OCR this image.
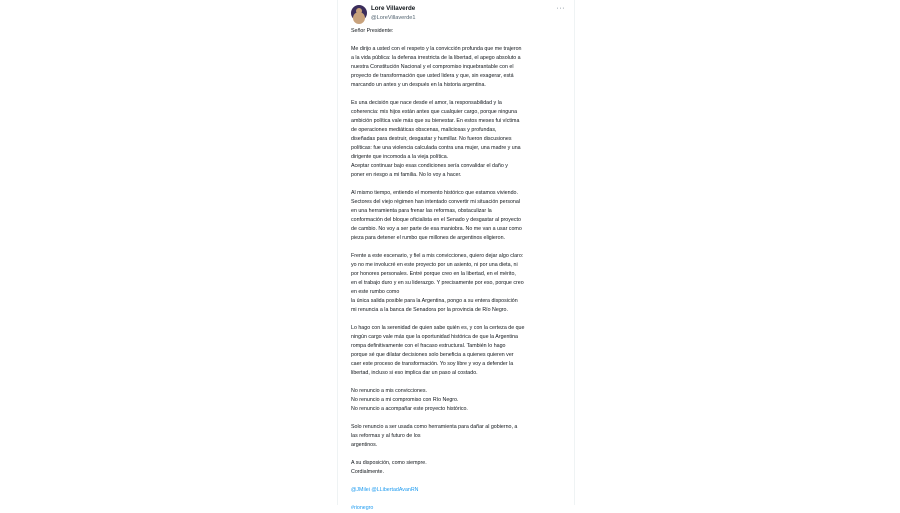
Lore Villaverde
@LoreVillaverde1
···

Señor Presidente:

Me dirijo a usted con el respeto y la convicción profunda que me trajeron
a la vida pública: la defensa irrestricta de la libertad, el apego absoluto a
nuestra Constitución Nacional y el compromiso inquebrantable con el
proyecto de transformación que usted lidera y que, sin exagerar, está
marcando un antes y un después en la historia argentina.

Es una decisión que nace desde el amor, la responsabilidad y la
coherencia: mis hijos están antes que cualquier cargo, porque ninguna
ambición política vale más que su bienestar. En estos meses fui víctima
de operaciones mediáticas obscenas, maliciosas y profundas,
diseñadas para destruir, desgastar y humillar. No fueron discusiones
políticas: fue una violencia calculada contra una mujer, una madre y una
dirigente que incomoda a la vieja política.
Aceptar continuar bajo esas condiciones sería convalidar el daño y
poner en riesgo a mi familia. No lo voy a hacer.

Al mismo tiempo, entiendo el momento histórico que estamos viviendo.
Sectores del viejo régimen han intentado convertir mi situación personal
en una herramienta para frenar las reformas, obstaculizar la
conformación del bloque oficialista en el Senado y desgastar al proyecto
de cambio. No voy a ser parte de esa maniobra. No me van a usar como
pieza para detener el rumbo que millones de argentinos eligieron.

Frente a este escenario, y fiel a mis convicciones, quiero dejar algo claro:
yo no me involucré en este proyecto por un asiento, ni por una dieta, ni
por honores personales. Entré porque creo en la libertad, en el mérito,
en el trabajo duro y en su liderazgo. Y precisamente por eso, porque creo
en este rumbo como
la única salida posible para la Argentina, pongo a su entera disposición
mi renuncia a la banca de Senadora por la provincia de Río Negro.

Lo hago con la serenidad de quien sabe quién es, y con la certeza de que
ningún cargo vale más que la oportunidad histórica de que la Argentina
rompa definitivamente con el fracaso estructural. También lo hago
porque sé que dilatar decisiones solo beneficia a quienes quieren ver
caer este proceso de transformación. Yo soy libre y voy a defender la
libertad, incluso si eso implica dar un paso al costado.

No renuncio a mis convicciones.
No renuncio a mi compromiso con Río Negro.
No renuncio a acompañar este proyecto histórico.

Solo renuncio a ser usada como herramienta para dañar al gobierno, a
las reformas y al futuro de los
argentinos.

A su disposición, como siempre.
Cordialmente.

@JMilei @LLibertadAvanRN

#rionegro
